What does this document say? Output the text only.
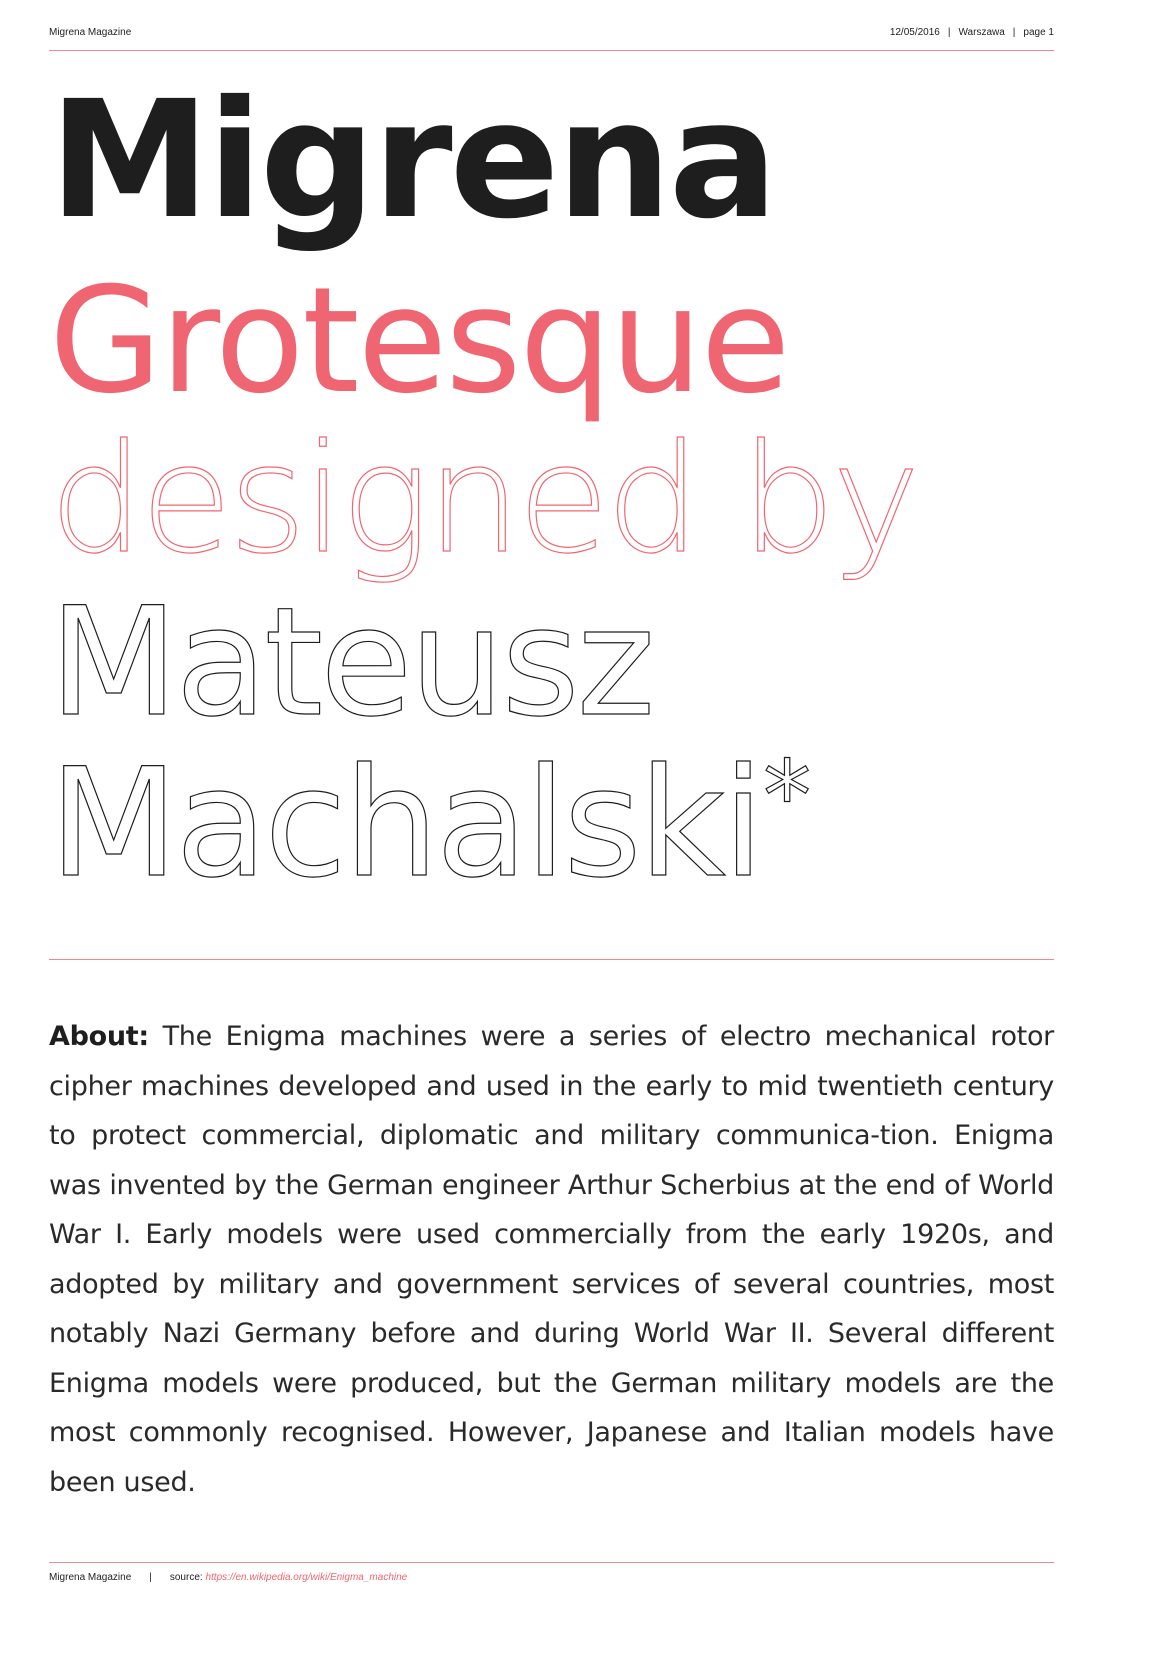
Migrena Magazine	12/05/2016 | Warszawa | page 1
Migrena
Grotesque
designed by
Mateusz
Machalski*
About: The Enigma machines were a series of electro mechanical rotor cipher machines developed and used in the early to mid twentieth century to protect commercial, diplomatic and military communica-tion. Enigma was invented by the German engineer Arthur Scherbius at the end of World War I. Early models were used commercially from the early 1920s, and adopted by military and government services of several countries, most notably Nazi Germany before and during World War II. Several different Enigma models were produced, but the German military models are the most commonly recognised. However, Japanese and Italian models have been used.
Migrena Magazine | source: https://en.wikipedia.org/wiki/Enigma_machine
